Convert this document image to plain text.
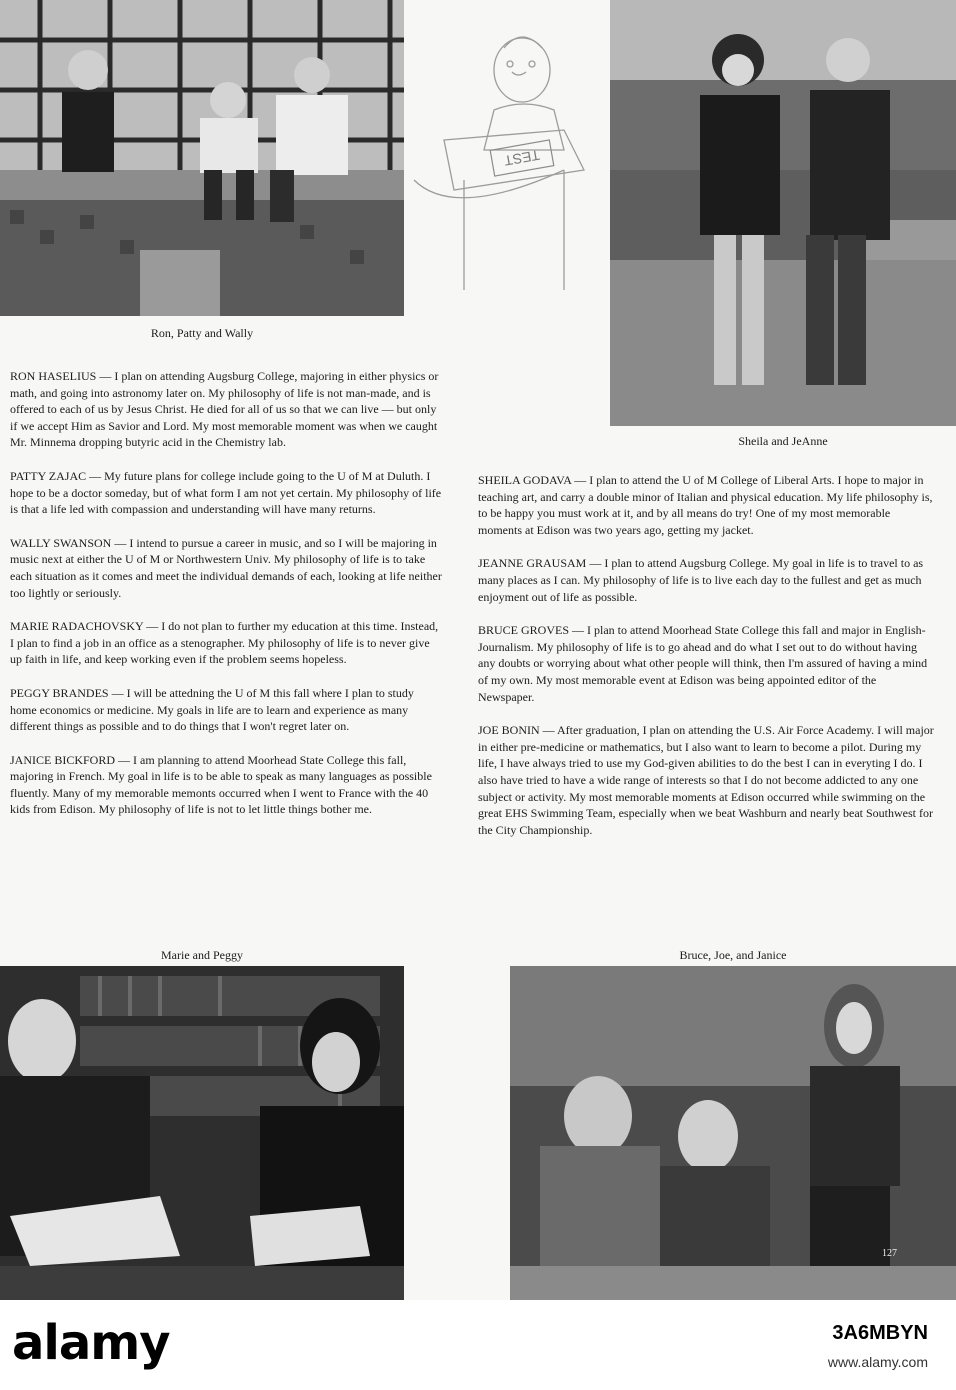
TEST
Ron, Patty and Wally
Sheila and JeAnne

RON HASELIUS — I plan on attending Augsburg College, majoring in either physics or math, and going into astronomy later on. My philosophy of life is not man-made, and is offered to each of us by Jesus Christ. He died for all of us so that we can live — but only if we accept Him as Savior and Lord. My most memorable moment was when we caught Mr. Minnema dropping butyric acid in the Chemistry lab.

PATTY ZAJAC — My future plans for college include going to the U of M at Duluth. I hope to be a doctor someday, but of what form I am not yet certain. My philosophy of life is that a life led with compassion and understanding will have many returns.

WALLY SWANSON — I intend to pursue a career in music, and so I will be majoring in music next at either the U of M or Northwestern Univ. My philosophy of life is to take each situation as it comes and meet the individual demands of each, looking at life neither too lightly or seriously.

MARIE RADACHOVSKY — I do not plan to further my education at this time. Instead, I plan to find a job in an office as a stenographer. My philosophy of life is to never give up faith in life, and keep working even if the problem seems hopeless.

PEGGY BRANDES — I will be attedning the U of M this fall where I plan to study home economics or medicine. My goals in life are to learn and experience as many different things as possible and to do things that I won't regret later on.

JANICE BICKFORD — I am planning to attend Moorhead State College this fall, majoring in French. My goal in life is to be able to speak as many languages as possible fluently. Many of my memorable memonts occurred when I went to France with the 40 kids from Edison. My philosophy of life is not to let little things bother me.

SHEILA GODAVA — I plan to attend the U of M College of Liberal Arts. I hope to major in teaching art, and carry a double minor of Italian and physical education. My life philosophy is, to be happy you must work at it, and by all means do try! One of my most memorable moments at Edison was two years ago, getting my jacket.

JEANNE GRAUSAM — I plan to attend Augsburg College. My goal in life is to travel to as many places as I can. My philosophy of life is to live each day to the fullest and get as much enjoyment out of life as possible.

BRUCE GROVES — I plan to attend Moorhead State College this fall and major in English-Journalism. My philosophy of life is to go ahead and do what I set out to do without having any doubts or worrying about what other people will think, then I'm assured of having a mind of my own. My most memorable event at Edison was being appointed editor of the Newspaper.

JOE BONIN — After graduation, I plan on attending the U.S. Air Force Academy. I will major in either pre-medicine or mathematics, but I also want to learn to become a pilot. During my life, I have always tried to use my God-given abilities to do the best I can in everyting I do. I also have tried to have a wide range of interests so that I do not become addicted to any one subject or activity. My most memorable moments at Edison occurred while swimming on the great EHS Swimming Team, especially when we beat Washburn and nearly beat Southwest for the City Championship.

Marie and Peggy	Bruce, Joe, and Janice
127
alamy	3A6MBYN
www.alamy.com
